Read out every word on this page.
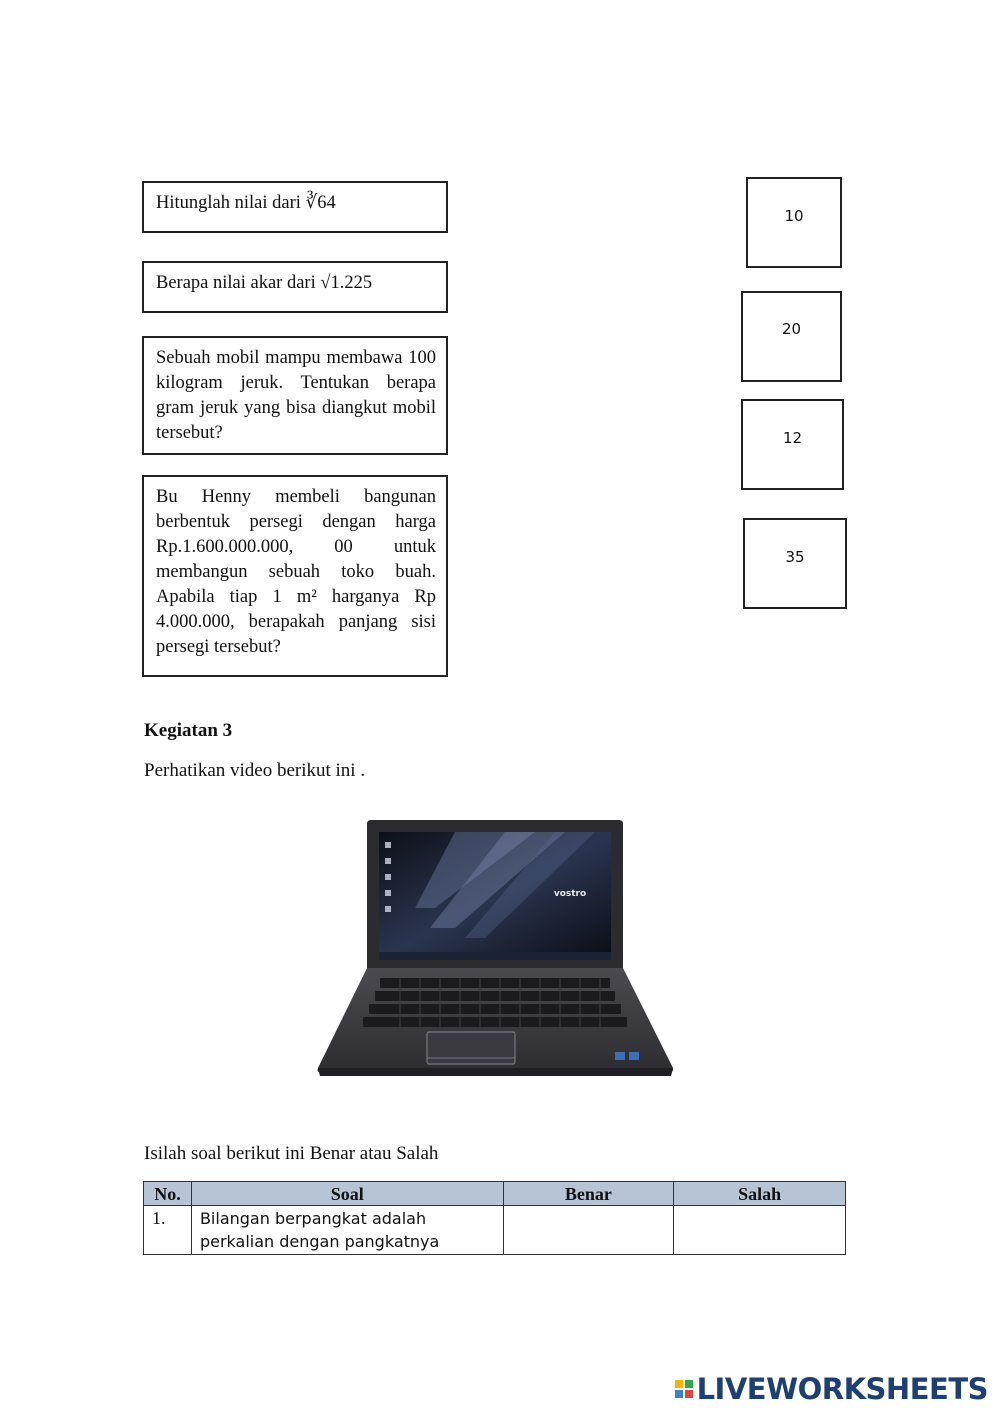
Hitunglah nilai dari ∛64
Berapa nilai akar dari √1.225
Sebuah mobil mampu membawa 100 kilogram jeruk. Tentukan berapa gram jeruk yang bisa diangkut mobil tersebut?
Bu Henny membeli bangunan berbentuk persegi dengan harga Rp.1.600.000.000, 00 untuk membangun sebuah toko buah. Apabila tiap 1 m² harganya Rp 4.000.000, berapakah panjang sisi persegi tersebut?
10
20
12
35
Kegiatan 3
Perhatikan video berikut ini .
vostro
Isilah soal berikut ini Benar atau Salah
No.	Soal	Benar	Salah
1.	Bilangan berpangkat adalah
perkalian dengan pangkatnya		

LIVEWORKSHEETS
